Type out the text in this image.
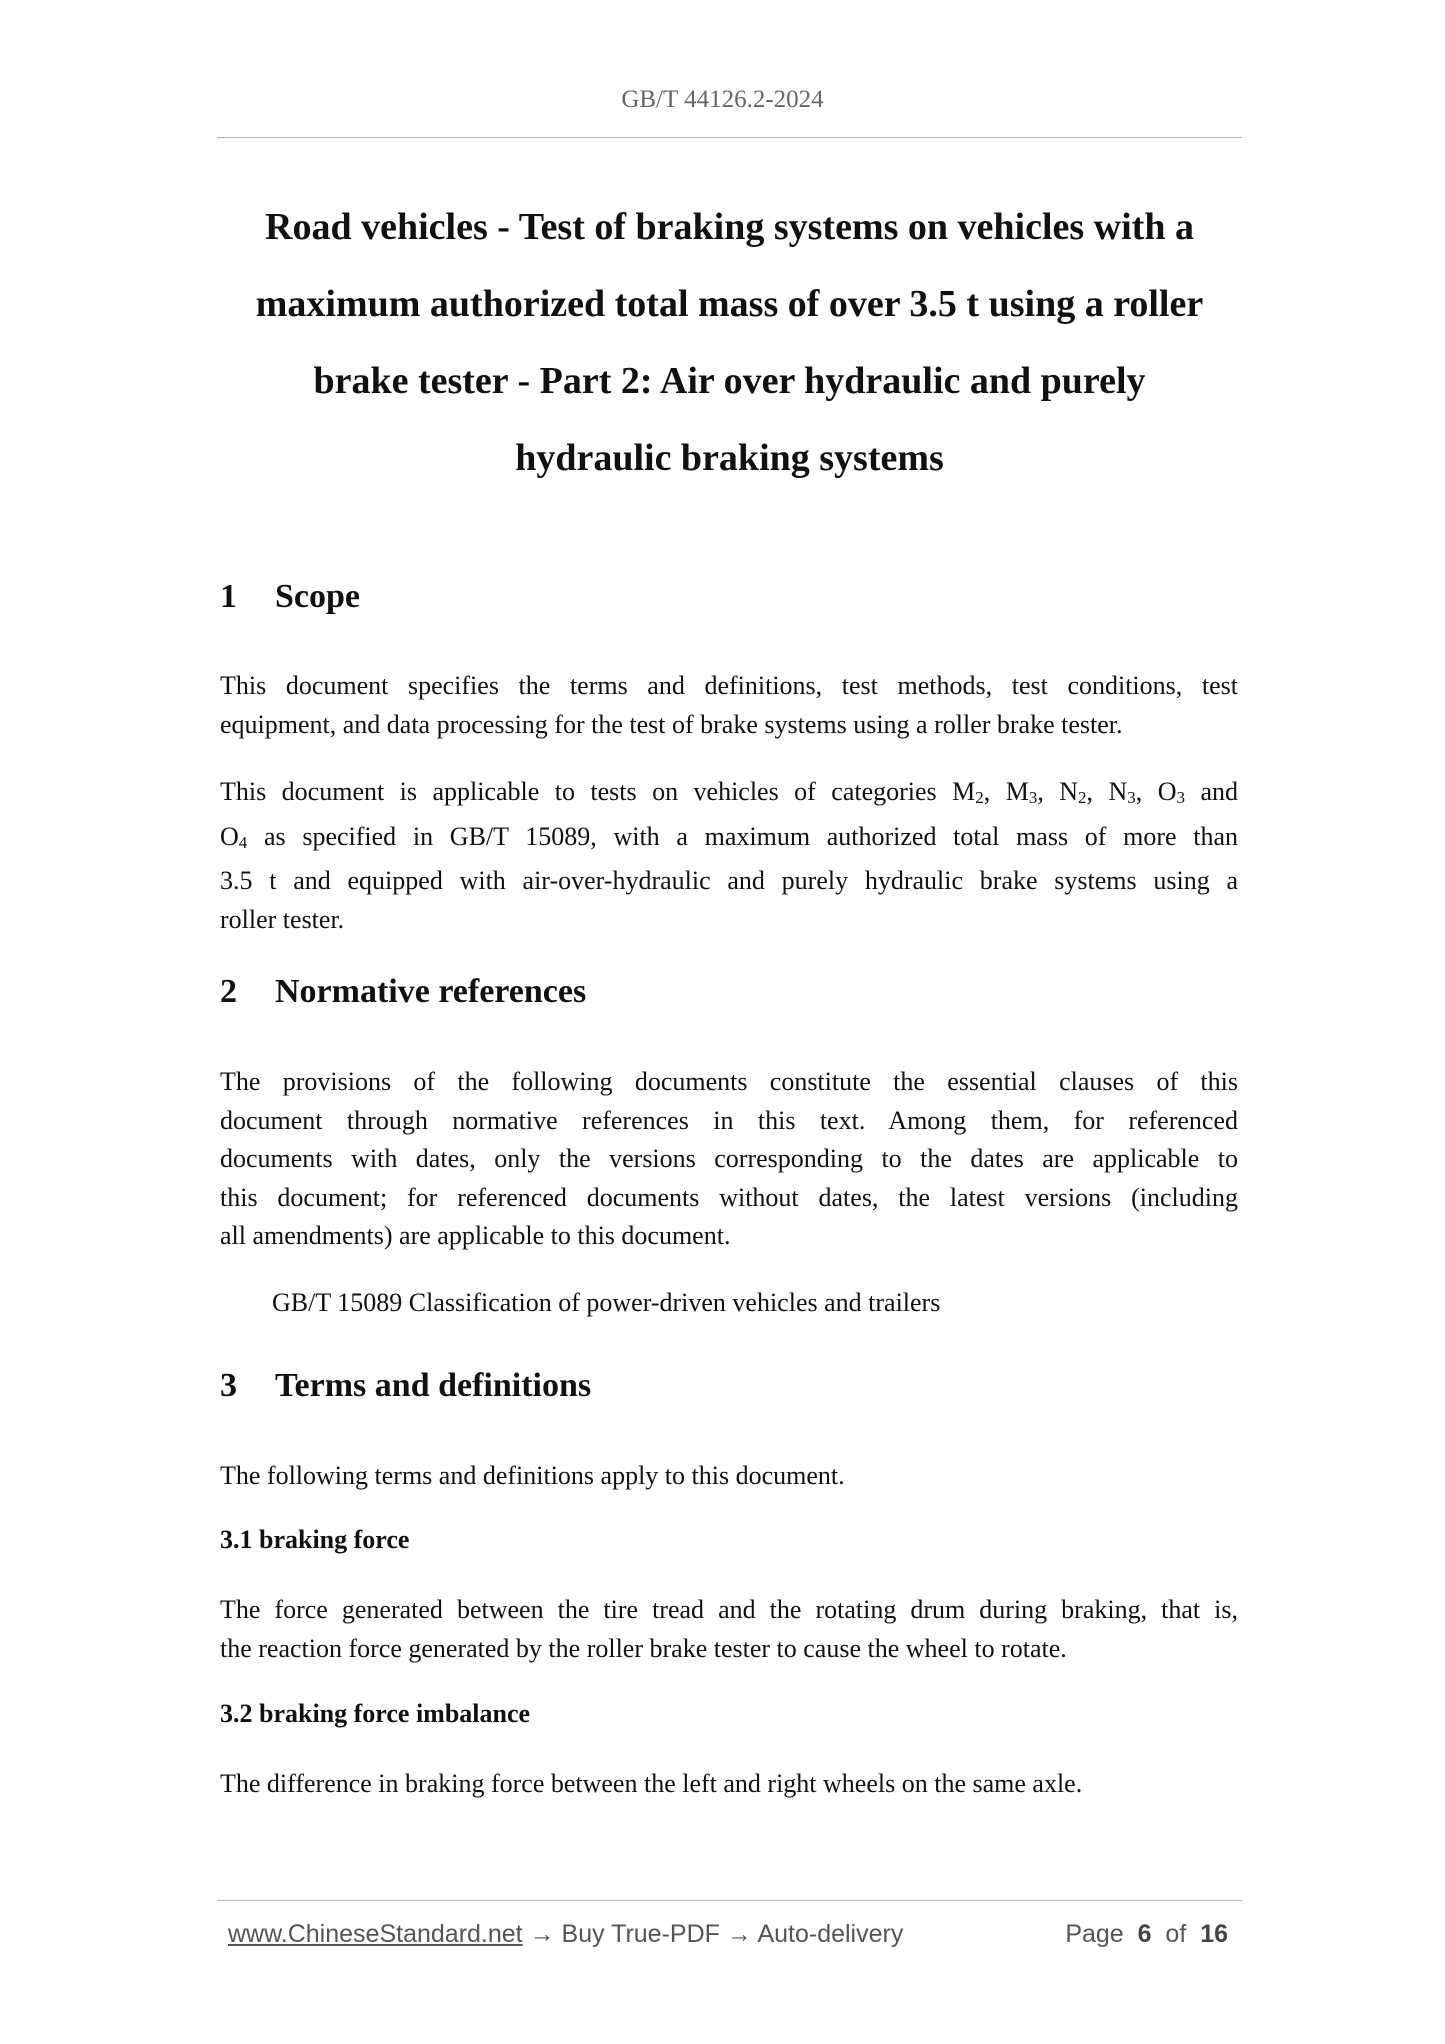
GB/T 44126.2-2024
Road vehicles - Test of braking systems on vehicles with a
maximum authorized total mass of over 3.5 t using a roller
brake tester - Part 2: Air over hydraulic and purely
hydraulic braking systems
1 Scope

This document specifies the terms and definitions, test methods, test conditions, test
equipment, and data processing for the test of brake systems using a roller brake tester.

This document is applicable to tests on vehicles of categories M2, M3, N2, N3, O3 and
O4 as specified in GB/T 15089, with a maximum authorized total mass of more than
3.5 t and equipped with air-over-hydraulic and purely hydraulic brake systems using a
roller tester.

2 Normative references

The provisions of the following documents constitute the essential clauses of this
document through normative references in this text. Among them, for referenced
documents with dates, only the versions corresponding to the dates are applicable to
this document; for referenced documents without dates, the latest versions (including
all amendments) are applicable to this document.

GB/T 15089 Classification of power-driven vehicles and trailers
3 Terms and definitions
The following terms and definitions apply to this document.
3.1 braking force

The force generated between the tire tread and the rotating drum during braking, that is,
the reaction force generated by the roller brake tester to cause the wheel to rotate.

3.2 braking force imbalance
The difference in braking force between the left and right wheels on the same axle.
www.ChineseStandard.net → Buy True-PDF → Auto-delivery	Page 6 of 16
